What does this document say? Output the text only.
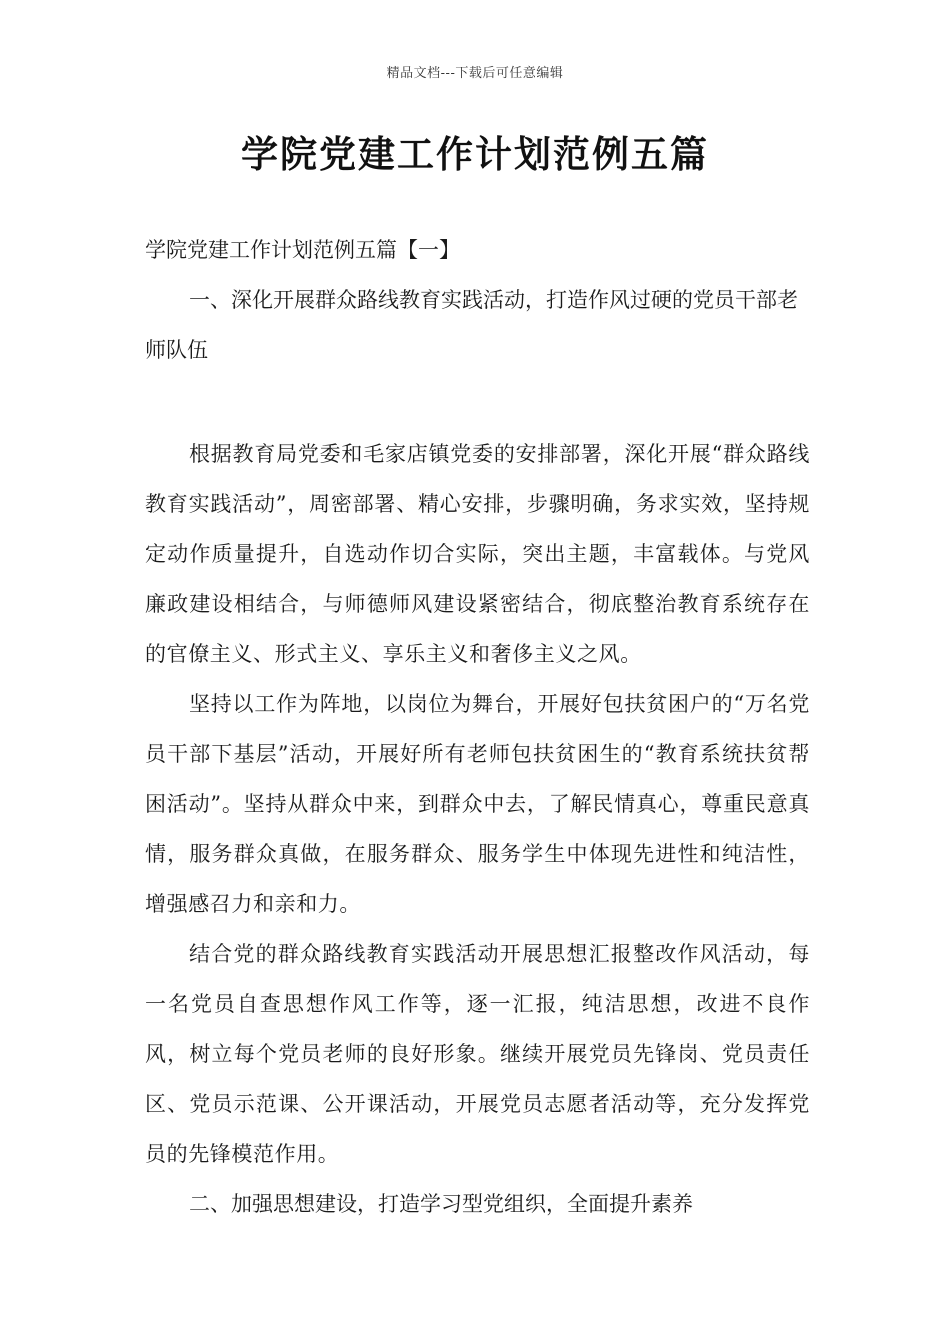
精品文档---下载后可任意编辑
学院党建工作计划范例五篇

学院党建工作计划范例五篇【一】

一、深化开展群众路线教育实践活动，打造作风过硬的党员干部老师队伍

根据教育局党委和毛家店镇党委的安排部署，深化开展“群众路线教育实践活动”，周密部署、精心安排，步骤明确，务求实效，坚持规定动作质量提升，自选动作切合实际，突出主题，丰富载体。与党风廉政建设相结合，与师德师风建设紧密结合，彻底整治教育系统存在的官僚主义、形式主义、享乐主义和奢侈主义之风。

坚持以工作为阵地，以岗位为舞台，开展好包扶贫困户的“万名党员干部下基层”活动，开展好所有老师包扶贫困生的“教育系统扶贫帮困活动”。坚持从群众中来，到群众中去，了解民情真心，尊重民意真情，服务群众真做，在服务群众、服务学生中体现先进性和纯洁性，增强感召力和亲和力。

结合党的群众路线教育实践活动开展思想汇报整改作风活动，每一名党员自查思想作风工作等，逐一汇报，纯洁思想，改进不良作风，树立每个党员老师的良好形象。继续开展党员先锋岗、党员责任区、党员示范课、公开课活动，开展党员志愿者活动等，充分发挥党员的先锋模范作用。

二、加强思想建设，打造学习型党组织，全面提升素养
